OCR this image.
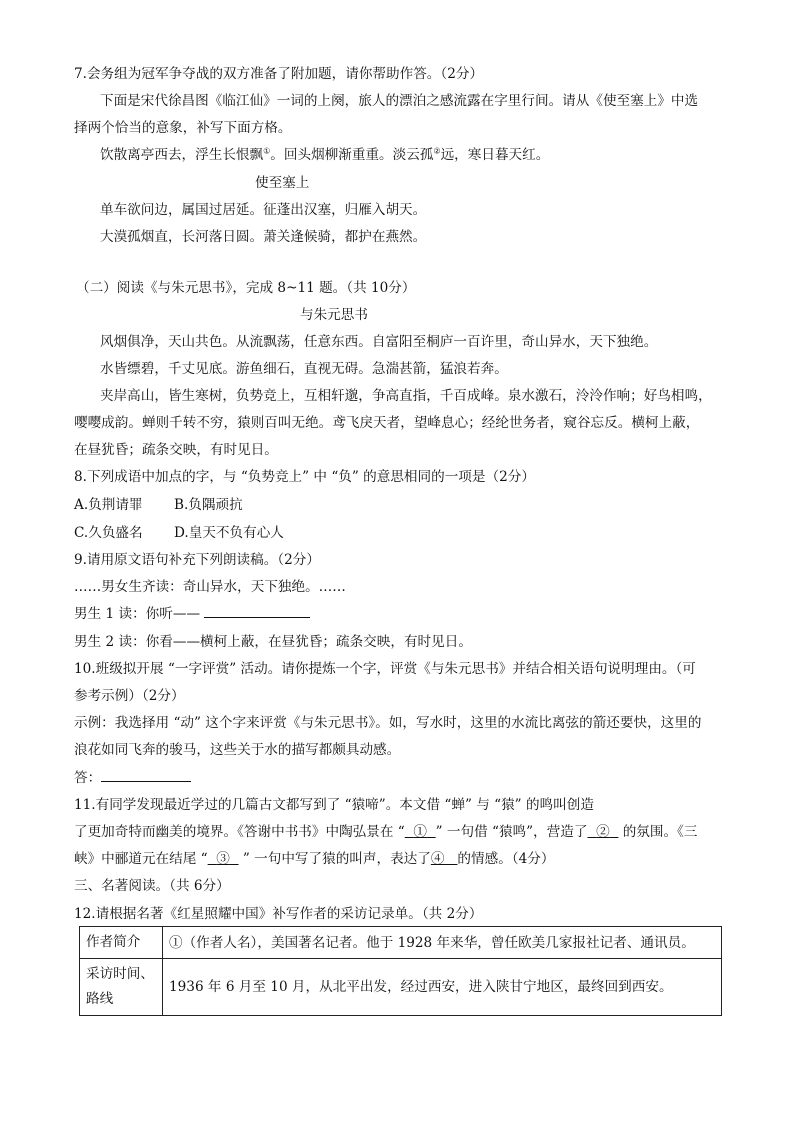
7.会务组为冠军争夺战的双方准备了附加题，请你帮助作答。（2分）
下面是宋代徐昌图《临江仙》一词的上阕，旅人的漂泊之感流露在字里行间。请从《使至塞上》中选
择两个恰当的意象，补写下面方格。
饮散离亭西去，浮生长恨飘①。回头烟柳渐重重。淡云孤②远，寒日暮天红。
使至塞上
单车欲问边，属国过居延。征蓬出汉塞，归雁入胡天。
大漠孤烟直，长河落日圆。萧关逢候骑，都护在燕然。
（二）阅读《与朱元思书》，完成 8~11 题。（共 10分）
与朱元思书
风烟俱净，天山共色。从流飘荡，任意东西。自富阳至桐庐一百许里，奇山异水，天下独绝。
水皆缥碧，千丈见底。游鱼细石，直视无碍。急湍甚箭，猛浪若奔。
夹岸高山，皆生寒树，负势竞上，互相轩邈，争高直指，千百成峰。泉水激石，泠泠作响；好鸟相鸣，
嘤嘤成韵。蝉则千转不穷，猿则百叫无绝。鸢飞戾天者，望峰息心；经纶世务者，窥谷忘反。横柯上蔽，
在昼犹昏；疏条交映，有时见日。
8.下列成语中加点的字，与 “负势竞上” 中 “负” 的意思相同的一项是（2分）
A.负荆请罪 B.负隅顽抗
C.久负盛名 D.皇天不负有心人
9.请用原文语句补充下列朗读稿。（2分）
……男女生齐读：奇山异水，天下独绝。……
男生 1 读：你听——
男生 2 读：你看——横柯上蔽，在昼犹昏；疏条交映，有时见日。
10.班级拟开展 “一字评赏” 活动。请你提炼一个字，评赏《与朱元思书》并结合相关语句说明理由。（可
参考示例）（2分）
示例：我选择用 “动” 这个字来评赏《与朱元思书》。如，写水时，这里的水流比离弦的箭还要快，这里的
浪花如同飞奔的骏马，这些关于水的描写都颇具动感。
答：
11.有同学发现最近学过的几篇古文都写到了 “猿啼”。本文借 “蝉” 与 “猿” 的鸣叫创造
了更加奇特而幽美的境界。《答谢中书书》中陶弘景在 “ ① ” 一句借 “猿鸣”，营造了 ② 的氛围。《三
峡》中郦道元在结尾 “ ③ ” 一句中写了猿的叫声，表达了④ 的情感。（4分）
三、名著阅读。（共 6分）
12.请根据名著《红星照耀中国》补写作者的采访记录单。（共 2分）
作者简介	①（作者人名），美国著名记者。他于 1928 年来华，曾任欧美几家报社记者、通讯员。
采访时间、
路线	1936 年 6 月至 10 月，从北平出发，经过西安，进入陕甘宁地区，最终回到西安。
